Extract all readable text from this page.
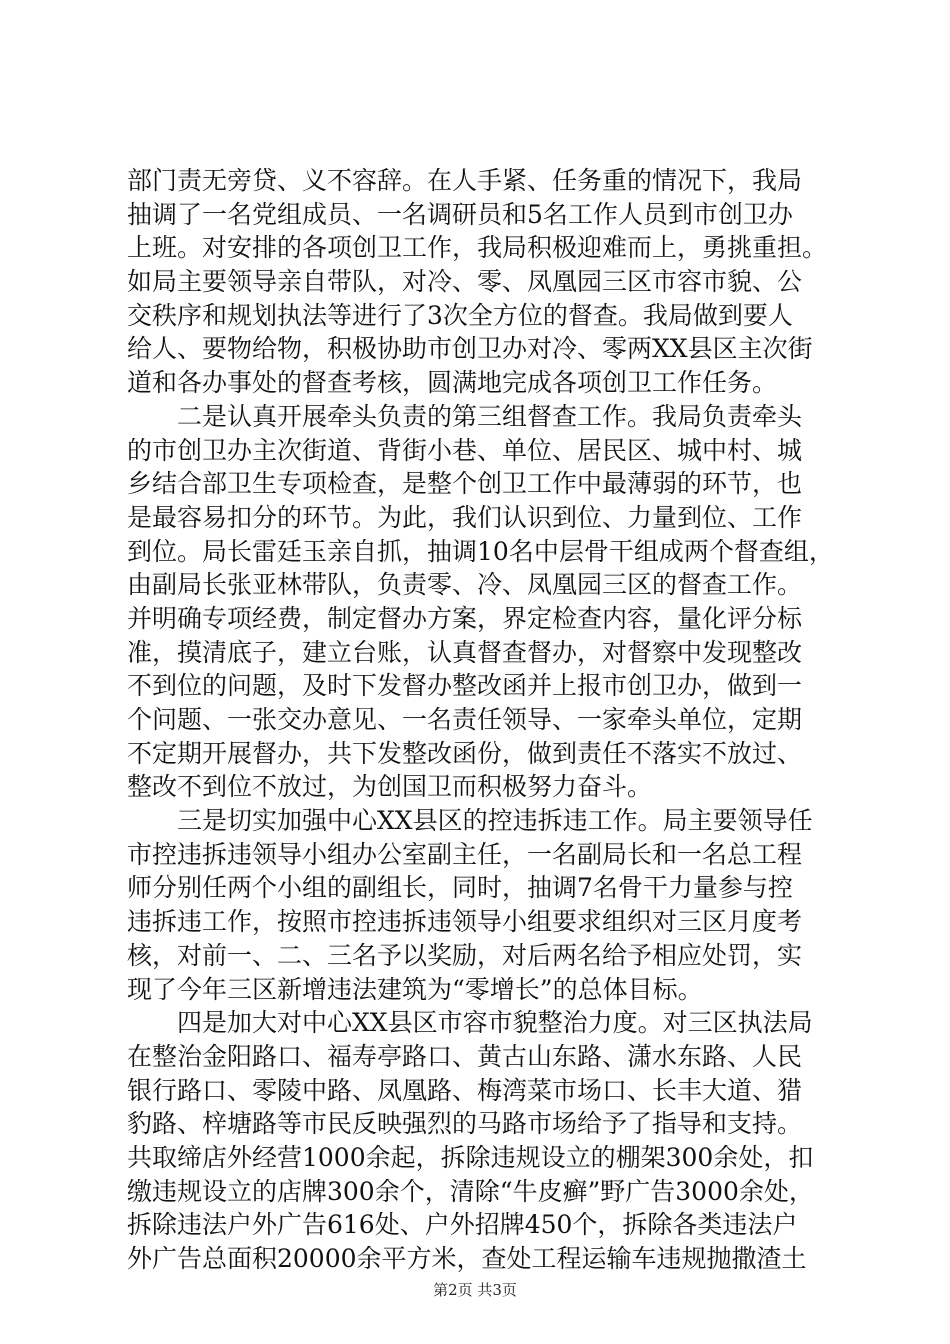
部门责无旁贷、义不容辞。在人手紧、任务重的情况下，我局
抽调了一名党组成员、一名调研员和5名工作人员到市创卫办
上班。对安排的各项创卫工作，我局积极迎难而上，勇挑重担。
如局主要领导亲自带队，对冷、零、凤凰园三区市容市貌、公
交秩序和规划执法等进行了3次全方位的督查。我局做到要人
给人、要物给物，积极协助市创卫办对冷、零两XX县区主次街
道和各办事处的督查考核，圆满地完成各项创卫工作任务。
二是认真开展牵头负责的第三组督查工作。我局负责牵头
的市创卫办主次街道、背街小巷、单位、居民区、城中村、城
乡结合部卫生专项检查，是整个创卫工作中最薄弱的环节，也
是最容易扣分的环节。为此，我们认识到位、力量到位、工作
到位。局长雷廷玉亲自抓，抽调10名中层骨干组成两个督查组，
由副局长张亚林带队，负责零、冷、凤凰园三区的督查工作。
并明确专项经费，制定督办方案，界定检查内容，量化评分标
准，摸清底子，建立台账，认真督查督办，对督察中发现整改
不到位的问题，及时下发督办整改函并上报市创卫办，做到一
个问题、一张交办意见、一名责任领导、一家牵头单位，定期
不定期开展督办，共下发整改函份，做到责任不落实不放过、
整改不到位不放过，为创国卫而积极努力奋斗。
三是切实加强中心XX县区的控违拆违工作。局主要领导任
市控违拆违领导小组办公室副主任，一名副局长和一名总工程
师分别任两个小组的副组长，同时，抽调7名骨干力量参与控
违拆违工作，按照市控违拆违领导小组要求组织对三区月度考
核，对前一、二、三名予以奖励，对后两名给予相应处罚，实
现了今年三区新增违法建筑为“零增长”的总体目标。
四是加大对中心XX县区市容市貌整治力度。对三区执法局
在整治金阳路口、福寿亭路口、黄古山东路、潇水东路、人民
银行路口、零陵中路、凤凰路、梅湾菜市场口、长丰大道、猎
豹路、梓塘路等市民反映强烈的马路市场给予了指导和支持。
共取缔店外经营1000余起，拆除违规设立的棚架300余处，扣
缴违规设立的店牌300余个，清除“牛皮癣”野广告3000余处，
拆除违法户外广告616处、户外招牌450个，拆除各类违法户
外广告总面积20000余平方米，查处工程运输车违规抛撒渣土
第2页 共3页
